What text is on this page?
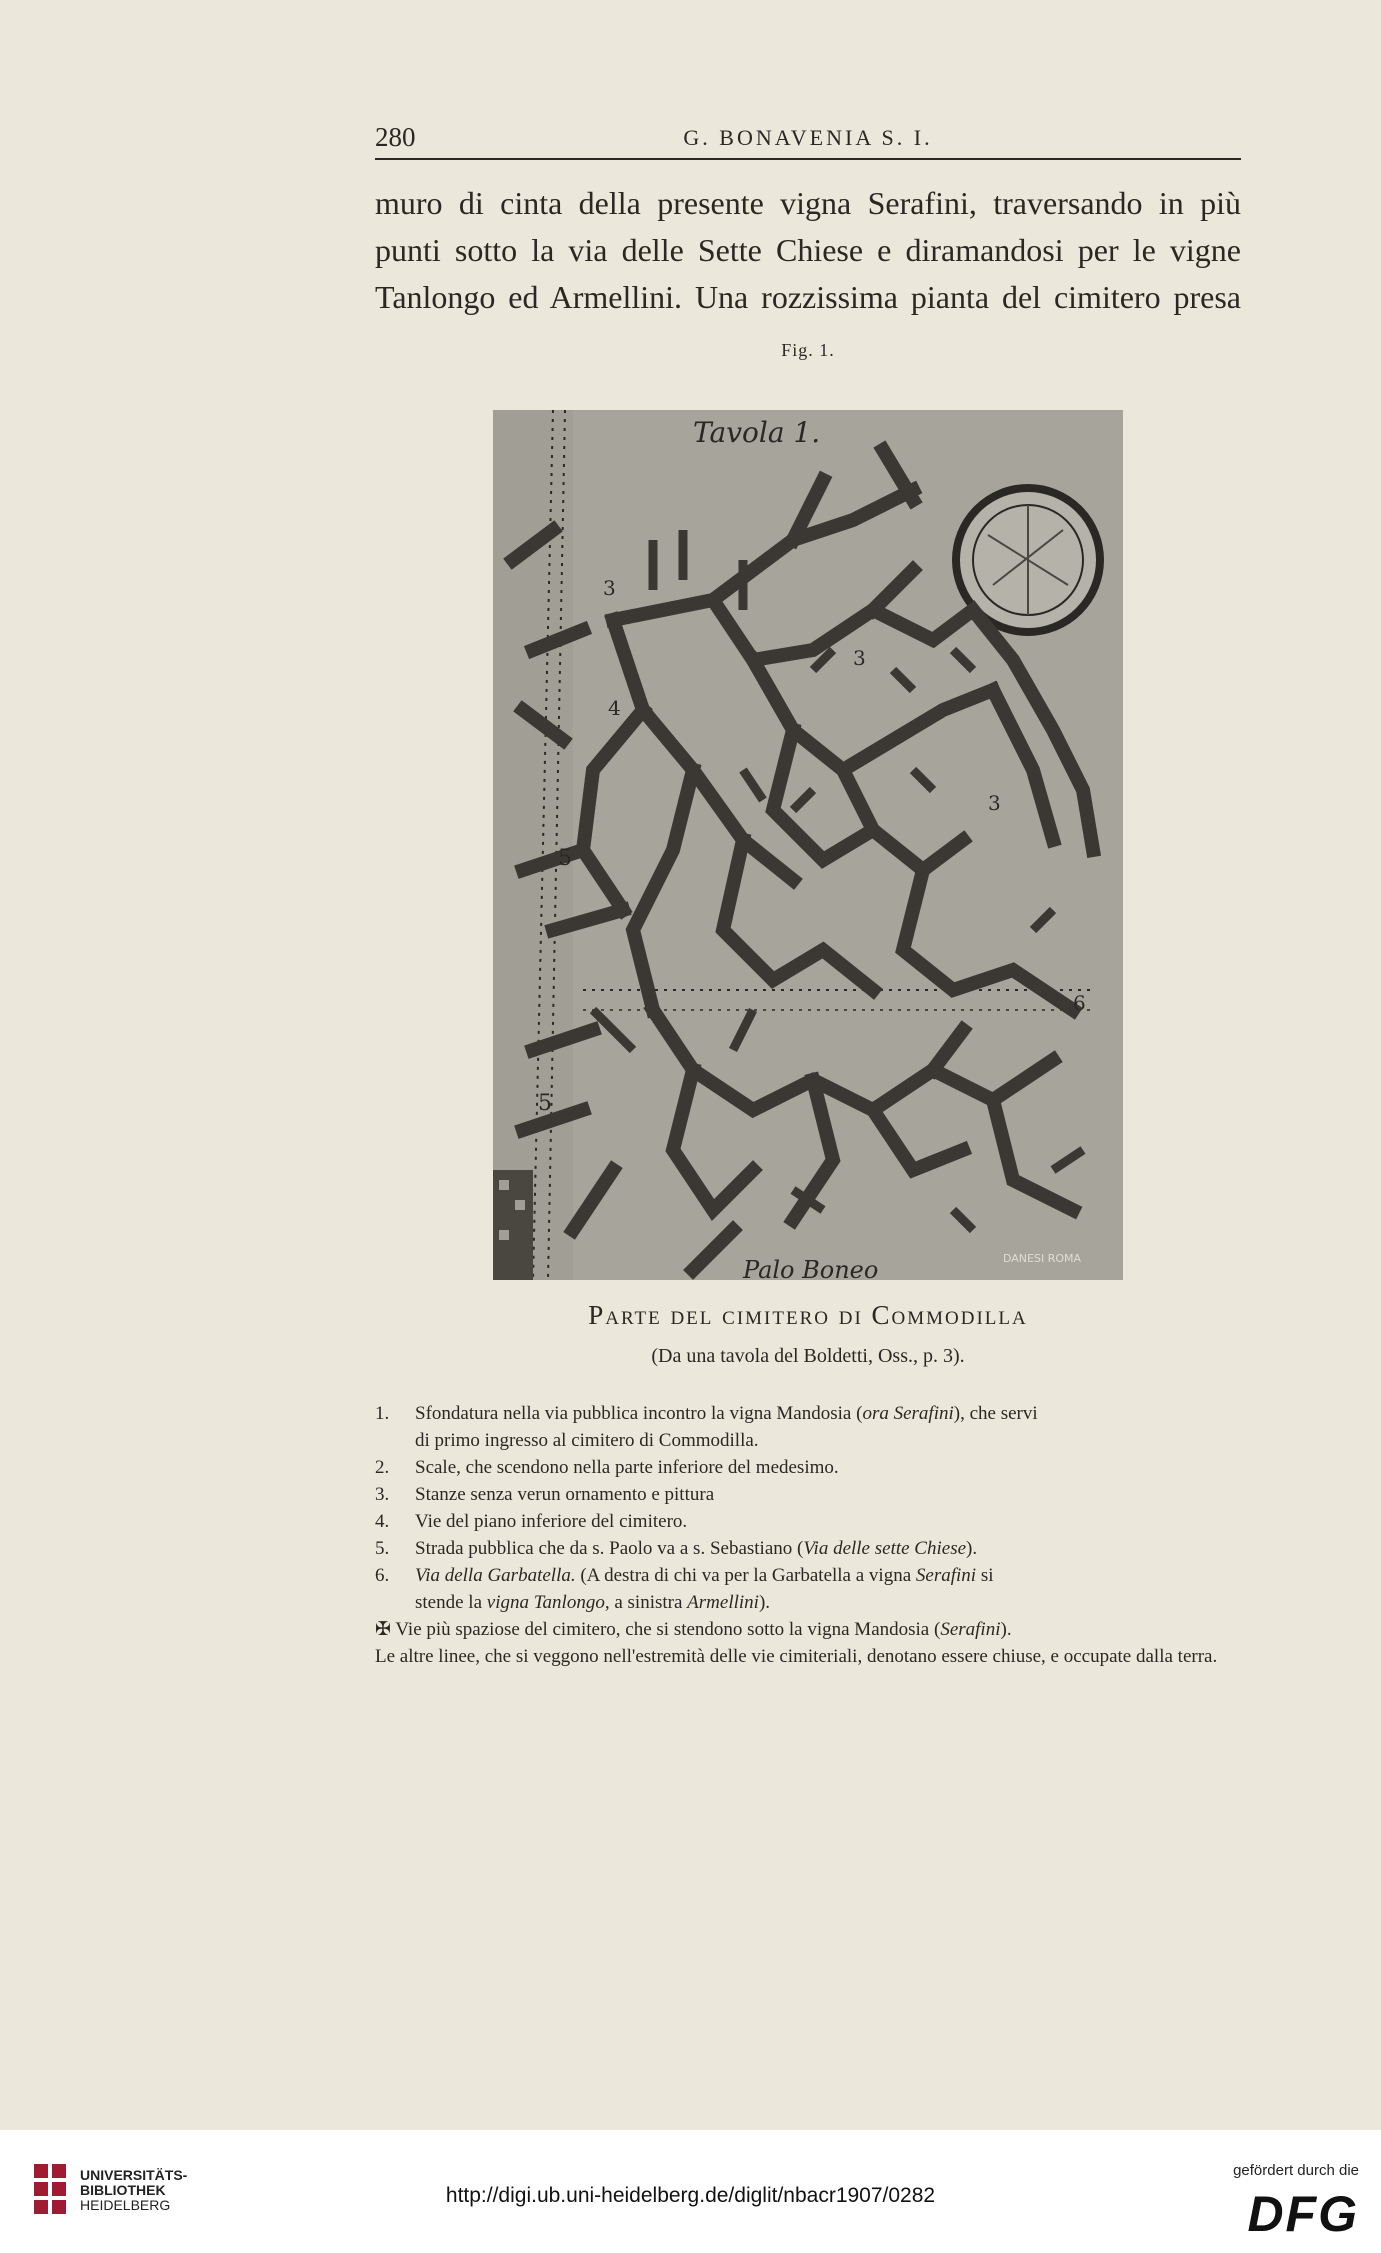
280	G. BONAVENIA S. I.
muro di cinta della presente vigna Serafini, traversando in più
punti sotto la via delle Sette Chiese e diramandosi per le vigne
Tanlongo ed Armellini. Una rozzissima pianta del cimitero presa
Fig. 1.
Tavola 1.
3
3
3
4
5
5
6
Palo Boneo	DANESI ROMA
Parte del cimitero di Commodilla
(Da una tavola del Boldetti, Oss., p. 3).
1. Sfondatura nella via pubblica incontro la vigna Mandosia (ora Serafini), che servi
di primo ingresso al cimitero di Commodilla.
2. Scale, che scendono nella parte inferiore del medesimo.
3. Stanze senza verun ornamento e pittura
4. Vie del piano inferiore del cimitero.
5. Strada pubblica che da s. Paolo va a s. Sebastiano (Via delle sette Chiese).
6. Via della Garbatella. (A destra di chi va per la Garbatella a vigna Serafini si
stende la vigna Tanlongo, a sinistra Armellini).
✠ Vie più spaziose del cimitero, che si stendono sotto la vigna Mandosia (Serafini).
Le altre linee, che si veggono nell'estremità delle vie cimiteriali, denotano essere chiuse, e occupate dalla terra.
UNIVERSITÄTS-
BIBLIOTHEK
HEIDELBERG	http://digi.ub.uni-heidelberg.de/diglit/nbacr1907/0282
gefördert durch die
DFG
